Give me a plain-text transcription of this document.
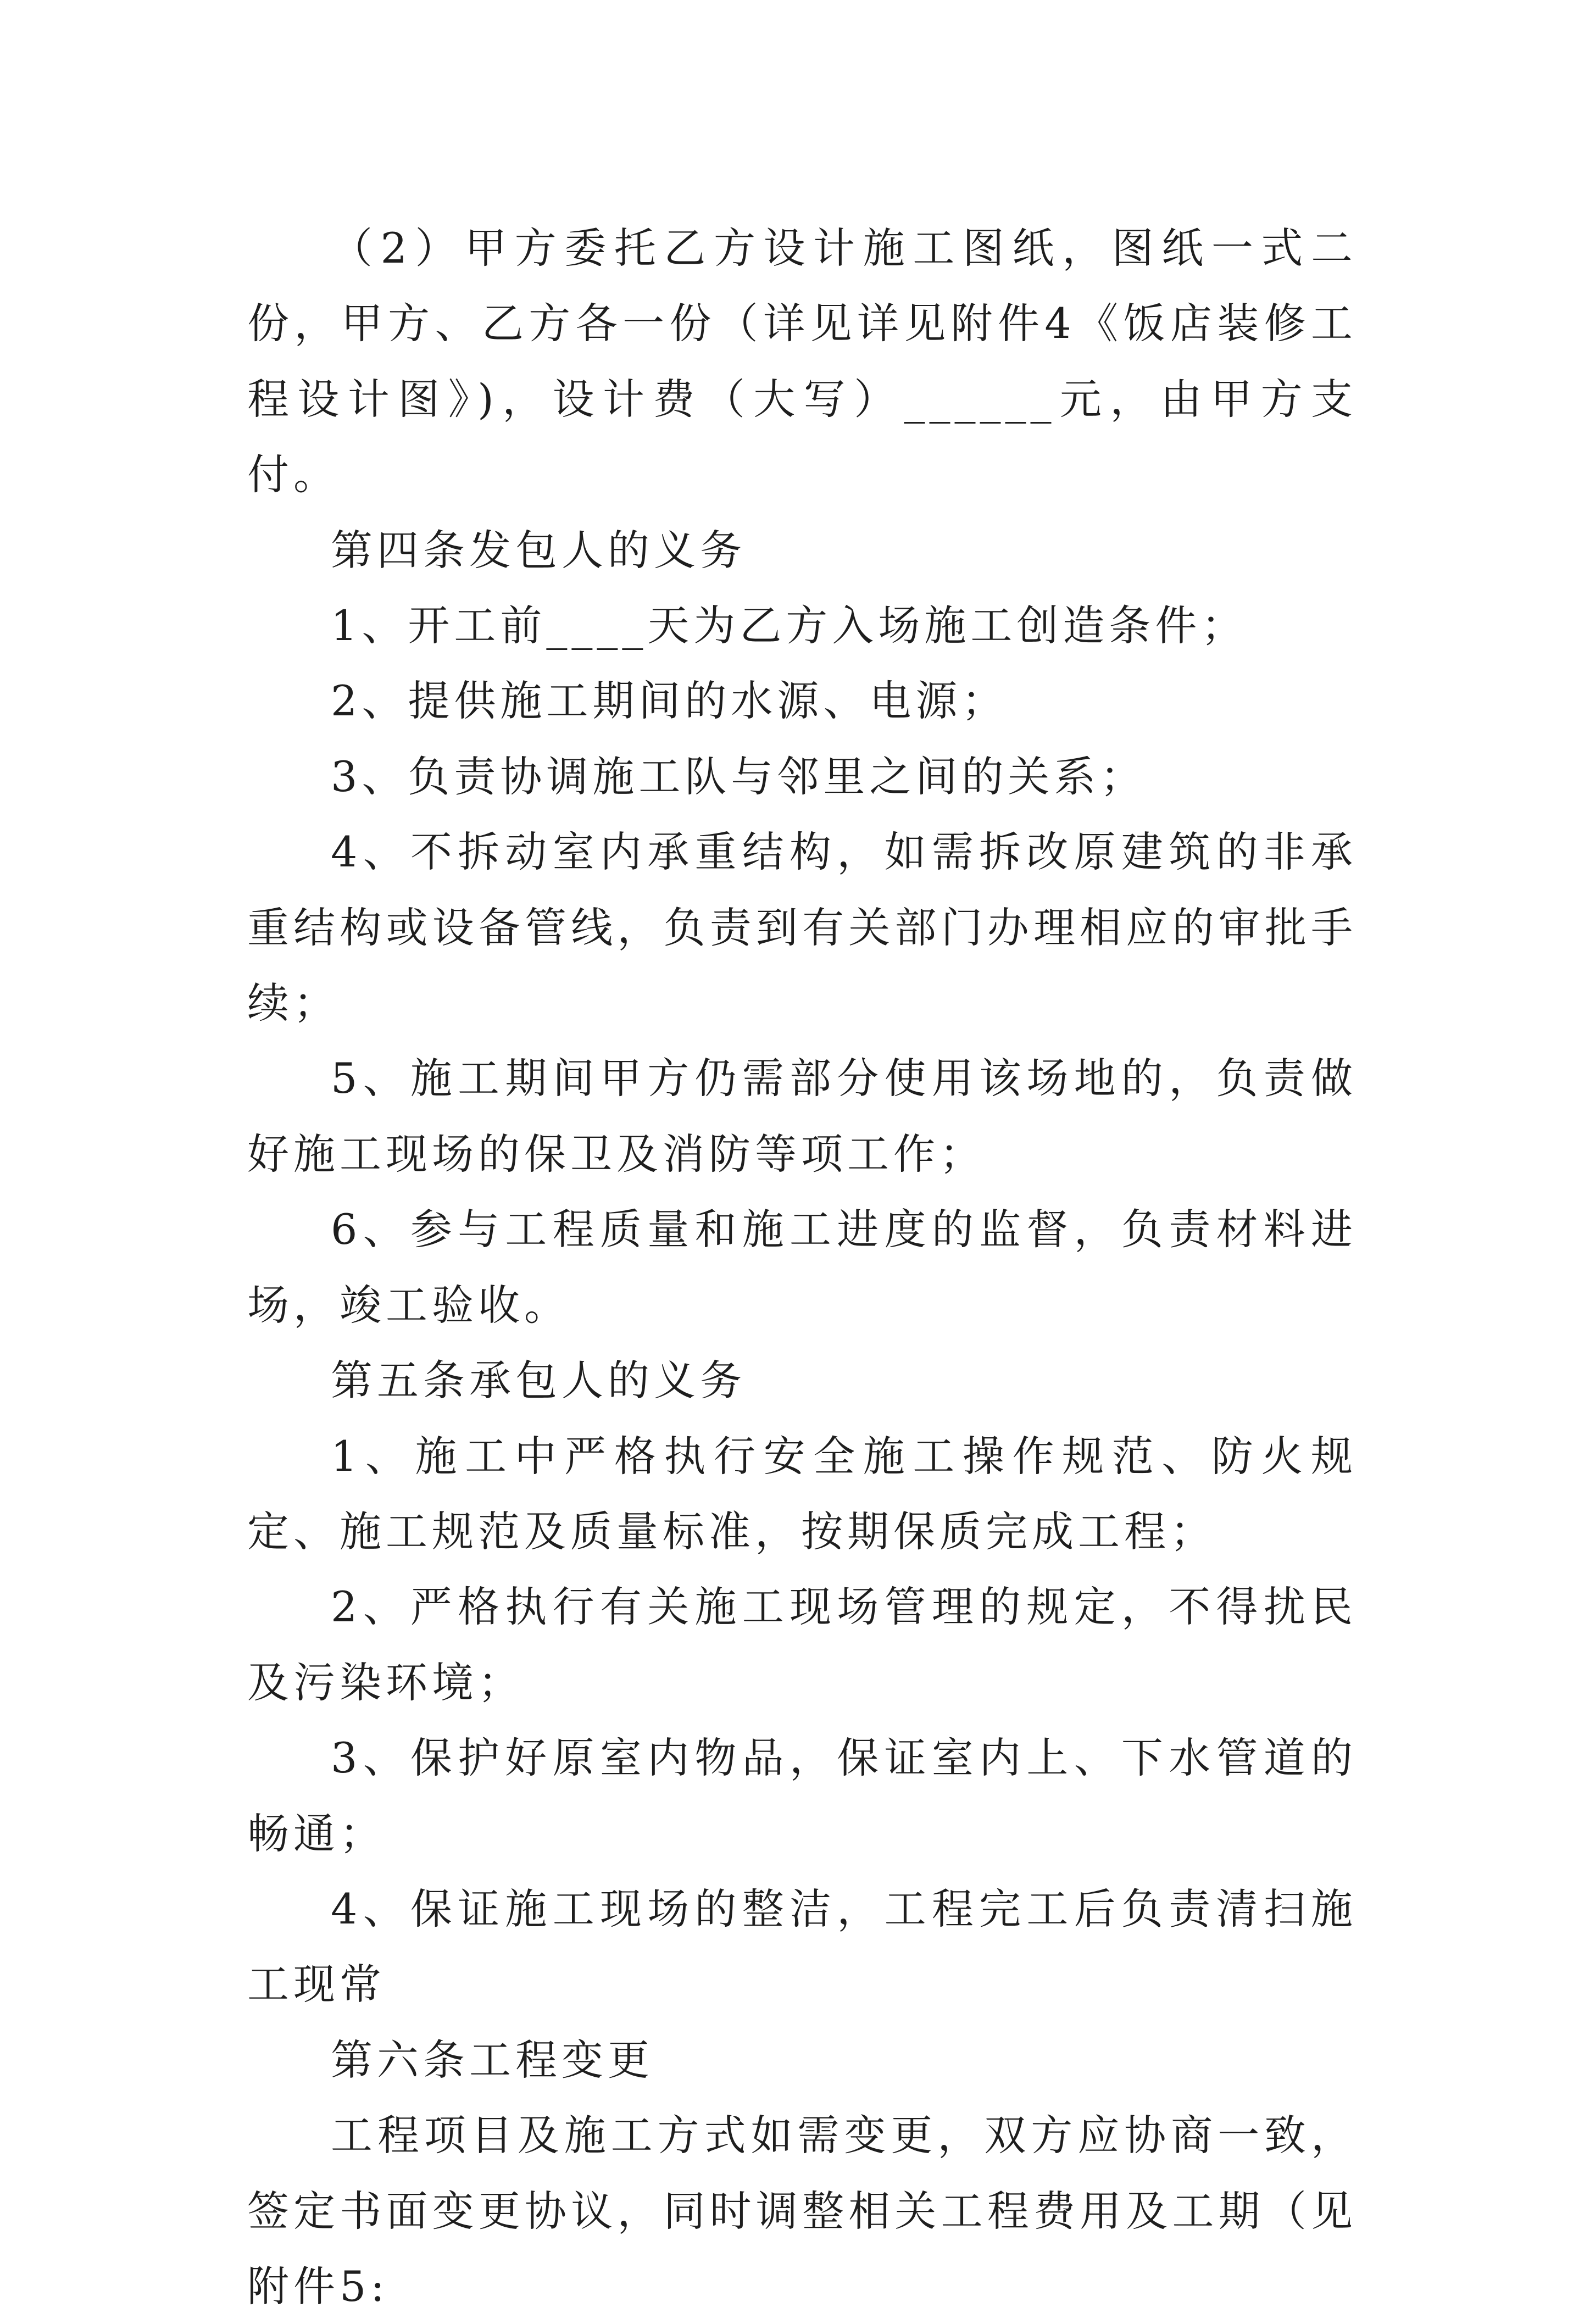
（2）甲方委托乙方设计施工图纸，图纸一式二份，甲方、乙方各一份（详见详见附件4《饭店装修工程设计图》)，设计费（大写）______元，由甲方支付。

第四条发包人的义务

1、开工前____天为乙方入场施工创造条件；

2、提供施工期间的水源、电源；

3、负责协调施工队与邻里之间的关系；

4、不拆动室内承重结构，如需拆改原建筑的非承重结构或设备管线，负责到有关部门办理相应的审批手续；

5、施工期间甲方仍需部分使用该场地的，负责做好施工现场的保卫及消防等项工作；

6、参与工程质量和施工进度的监督，负责材料进场，竣工验收。

第五条承包人的义务

1、施工中严格执行安全施工操作规范、防火规定、施工规范及质量标准，按期保质完成工程；

2、严格执行有关施工现场管理的规定，不得扰民及污染环境；

3、保护好原室内物品，保证室内上、下水管道的畅通；

4、保证施工现场的整洁，工程完工后负责清扫施工现常

第六条工程变更

工程项目及施工方式如需变更，双方应协商一致，签定书面变更协议，同时调整相关工程费用及工期（见附件5:
